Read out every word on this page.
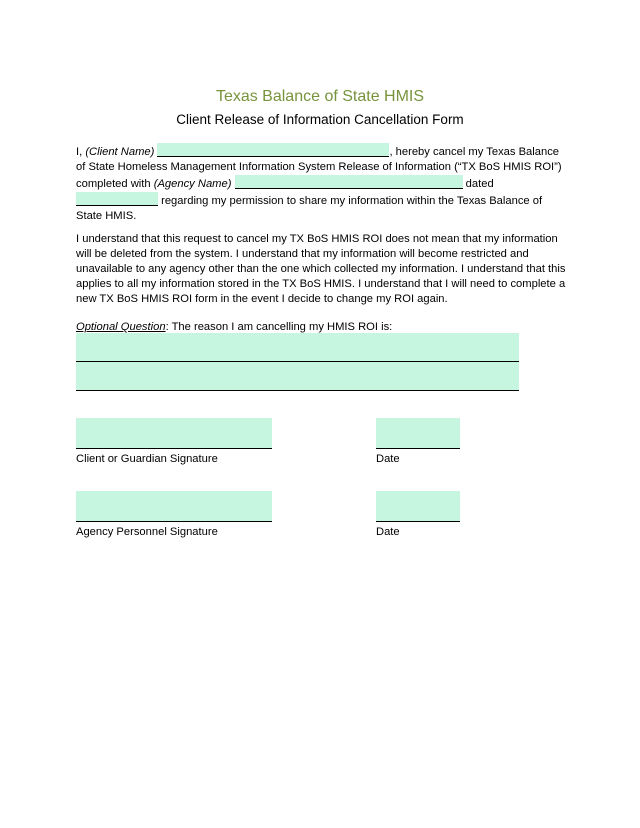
Texas Balance of State HMIS
Client Release of Information Cancellation Form
I, (Client Name)	, hereby cancel my Texas Balance of State Homeless Management Information System Release of Information (“TX BoS HMIS ROI”) completed with (Agency Name)	dated  regarding my permission to share my information within the Texas Balance of State HMIS.
I understand that this request to cancel my TX BoS HMIS ROI does not mean that my information will be deleted from the system. I understand that my information will become restricted and unavailable to any agency other than the one which collected my information. I understand that this applies to all my information stored in the TX BoS HMIS. I understand that I will need to complete a new TX BoS HMIS ROI form in the event I decide to change my ROI again.
Optional Question: The reason I am cancelling my HMIS ROI is:
Client or Guardian Signature	Date
Agency Personnel Signature	Date
